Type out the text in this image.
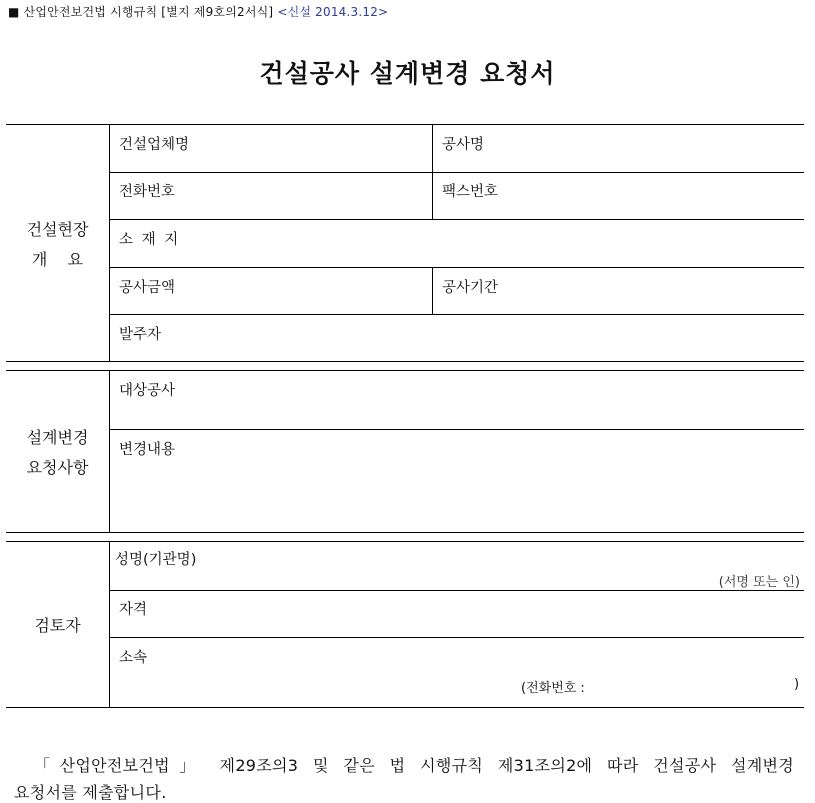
■ 산업안전보건법 시행규칙 [별지 제9호의2서식] <신설 2014.3.12>
건설공사 설계변경 요청서
건설현장
개    요
건설업체명	공사명
전화번호	팩스번호
소 재 지
공사금액	공사기간
발주자
설계변경
요청사항
대상공사
변경내용
검토자
성명(기관명)
(서명 또는 인)
자격
소속
(전화번호 :	)
「산업안전보건법」 제29조의3 및 같은 법 시행규칙 제31조의2에 따라 건설공사 설계변경
요청서를 제출합니다.
